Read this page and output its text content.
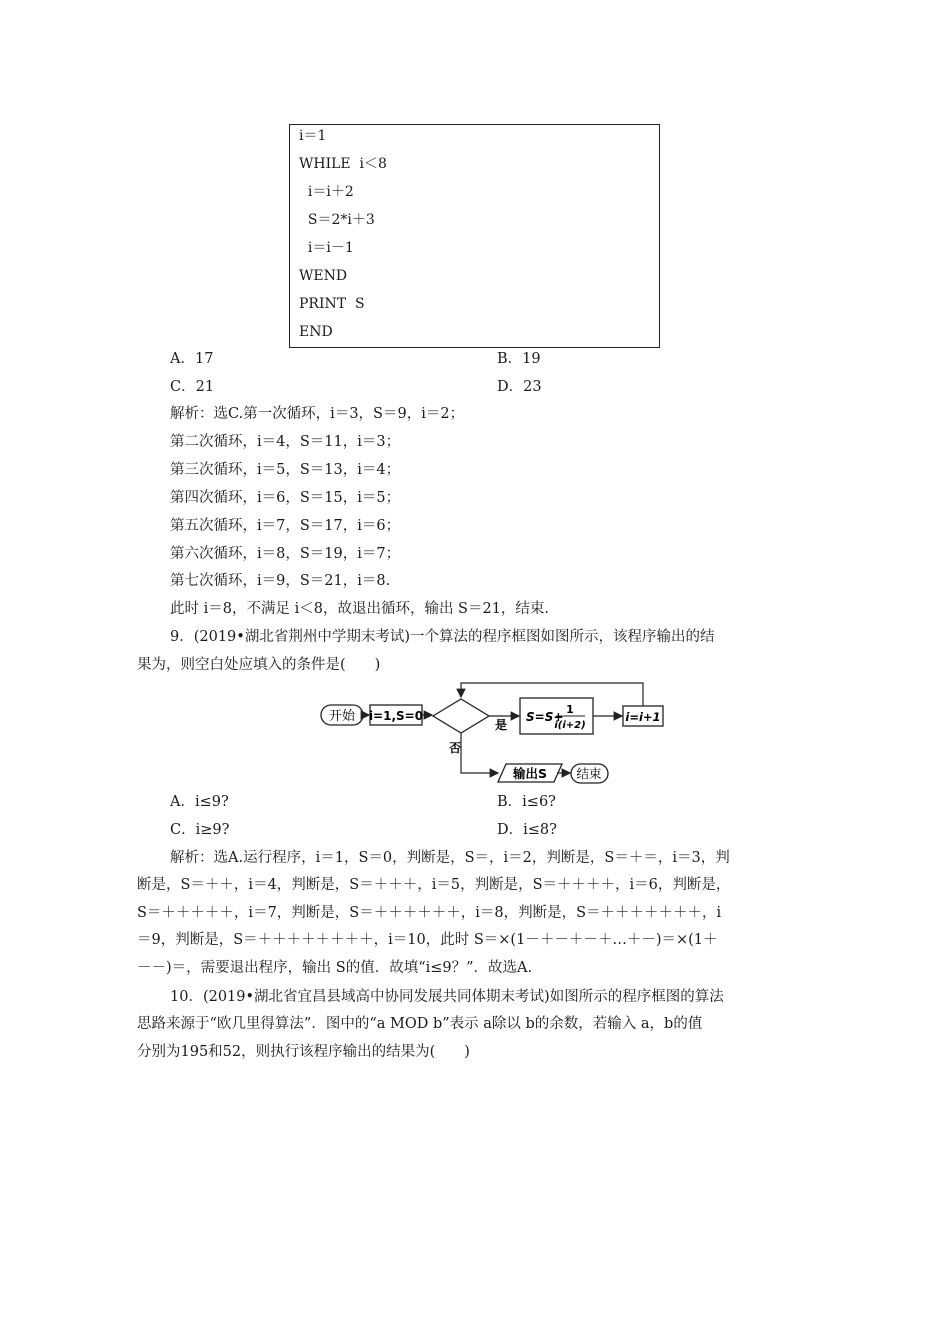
i＝1
WHILE  i＜8
i＝i＋2
S＝2*i＋3
i＝i－1
WEND
PRINT  S
END
A．17	B．19
C．21	D．23
解析：选C.第一次循环，i＝3，S＝9，i＝2；
第二次循环，i＝4，S＝11，i＝3；
第三次循环，i＝5，S＝13，i＝4；
第四次循环，i＝6，S＝15，i＝5；
第五次循环，i＝7，S＝17，i＝6；
第六次循环，i＝8，S＝19，i＝7；
第七次循环，i＝9，S＝21，i＝8.
此时 i＝8，不满足 i＜8，故退出循环，输出 S＝21，结束.
9．(2019•湖北省荆州中学期末考试)一个算法的程序框图如图所示，该程序输出的结
果为，则空白处应填入的条件是(　　)
开始 i=1,S=0
是
S=S+
1
i(i+2)
i=i+1
否
输出S 结束
A．i≤9?	B．i≤6?
C．i≥9?	D．i≤8?
解析：选A.运行程序，i＝1，S＝0，判断是，S＝，i＝2，判断是，S＝＋＝，i＝3，判
断是，S＝＋＋，i＝4，判断是，S＝＋＋＋，i＝5，判断是，S＝＋＋＋＋，i＝6，判断是，
S＝＋＋＋＋＋，i＝7，判断是，S＝＋＋＋＋＋＋，i＝8，判断是，S＝＋＋＋＋＋＋＋，i
＝9，判断是，S＝＋＋＋＋＋＋＋＋，i＝10，此时 S＝×(1－＋－＋－＋…＋－)＝×(1＋
－－)＝，需要退出程序，输出 S的值．故填“i≤9？”．故选A.
10．(2019•湖北省宜昌县域高中协同发展共同体期末考试)如图所示的程序框图的算法
思路来源于“欧几里得算法”．图中的“a MOD b”表示 a除以 b的余数，若输入 a，b的值
分别为195和52，则执行该程序输出的结果为(　　)
